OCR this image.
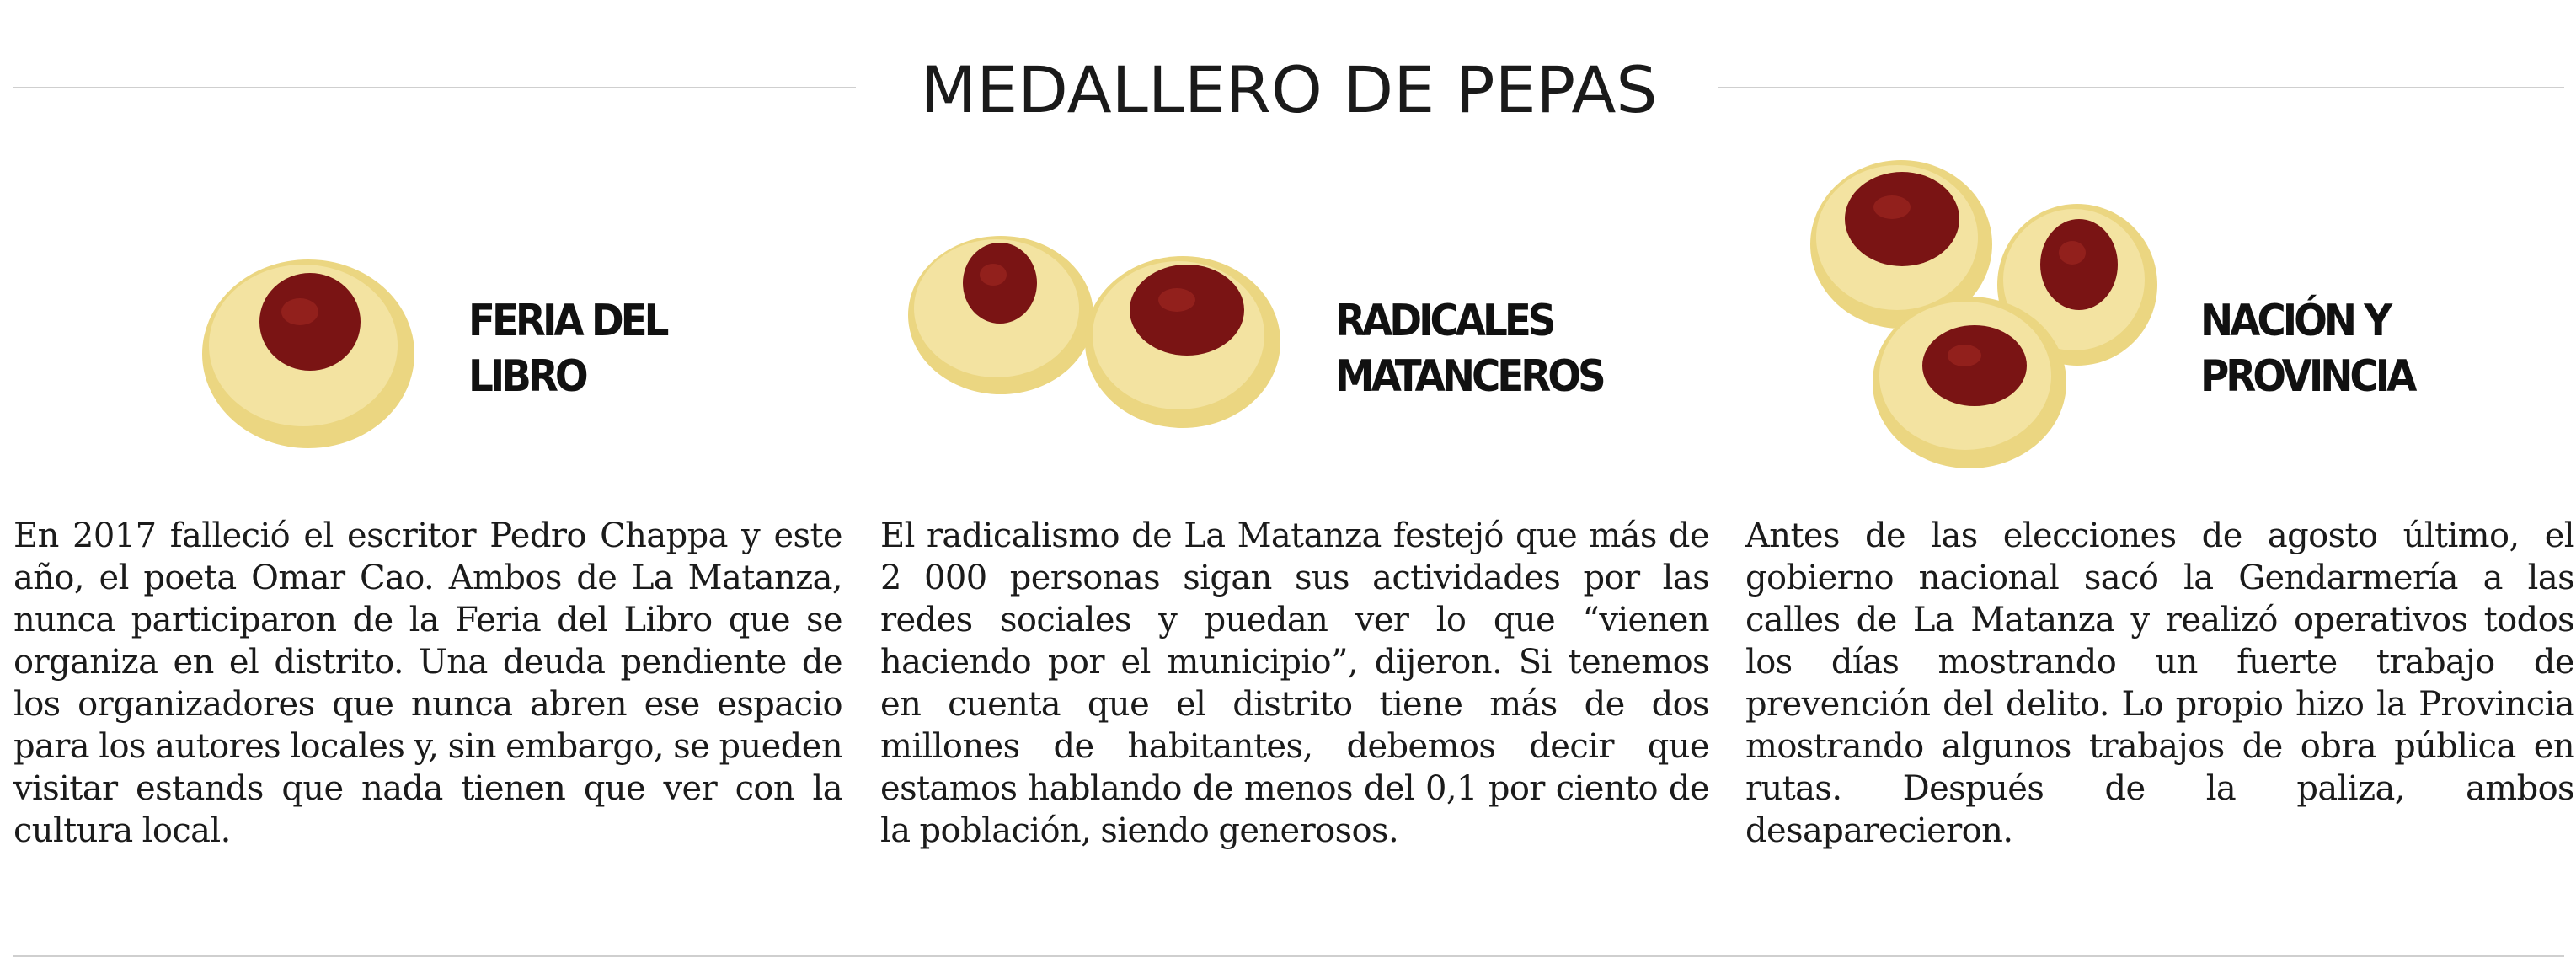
MEDALLERO DE PEPAS

FERIA DEL
LIBRO

En 2017 falleció el escritor Pedro Chappa y este año, el poeta Omar Cao. Ambos de La Matanza, nunca participaron de la Feria del Libro que se organiza en el distrito. Una deuda pendiente de los organizadores que nunca abren ese espacio para los autores locales y, sin embargo, se pueden visitar estands que nada tienen que ver con la cultura local.

RADICALES
MATANCEROS

El radicalismo de La Matanza festejó que más de 2 000 personas sigan sus actividades por las redes sociales y puedan ver lo que “vienen haciendo por el municipio”, dijeron. Si tenemos en cuenta que el distrito tiene más de dos millones de habitantes, debemos decir que estamos hablando de menos del 0,1 por ciento de la población, siendo generosos.

NACIÓN Y
PROVINCIA

Antes de las elecciones de agosto último, el gobierno nacional sacó la Gendarmería a las calles de La Matanza y realizó operativos todos los días mostrando un fuerte trabajo de prevención del delito. Lo propio hizo la Provincia mostrando algunos trabajos de obra pública en rutas. Después de la paliza, ambos desaparecieron.
